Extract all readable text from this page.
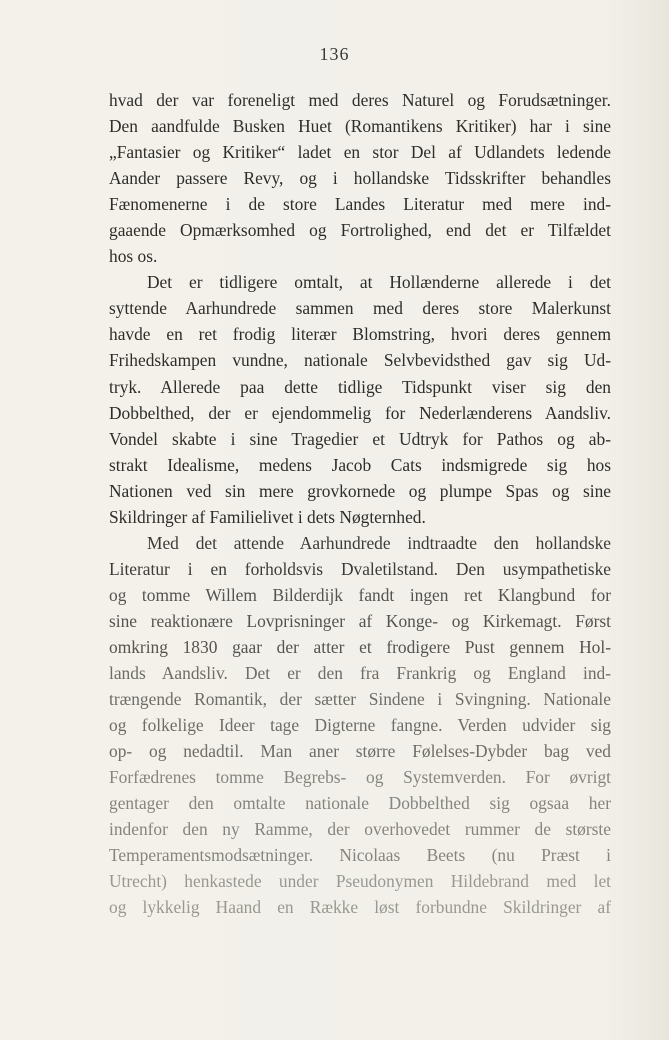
136
hvad der var foreneligt med deres Naturel og Forudsætninger.
Den aandfulde Busken Huet (Romantikens Kritiker) har i sine
„Fantasier og Kritiker“ ladet en stor Del af Udlandets ledende
Aander passere Revy, og i hollandske Tidsskrifter behandles
Fænomenerne i de store Landes Literatur med mere ind-
gaaende Opmærksomhed og Fortrolighed, end det er Tilfældet
hos os.
Det er tidligere omtalt, at Hollænderne allerede i det
syttende Aarhundrede sammen med deres store Malerkunst
havde en ret frodig literær Blomstring, hvori deres gennem
Frihedskampen vundne, nationale Selvbevidsthed gav sig Ud-
tryk. Allerede paa dette tidlige Tidspunkt viser sig den
Dobbelthed, der er ejendommelig for Nederlænderens Aandsliv.
Vondel skabte i sine Tragedier et Udtryk for Pathos og ab-
strakt Idealisme, medens Jacob Cats indsmigrede sig hos
Nationen ved sin mere grovkornede og plumpe Spas og sine
Skildringer af Familielivet i dets Nøgternhed.
Med det attende Aarhundrede indtraadte den hollandske
Literatur i en forholdsvis Dvaletilstand. Den usympathetiske
og tomme Willem Bilderdijk fandt ingen ret Klangbund for
sine reaktionære Lovprisninger af Konge- og Kirkemagt. Først
omkring 1830 gaar der atter et frodigere Pust gennem Hol-
lands Aandsliv. Det er den fra Frankrig og England ind-
trængende Romantik, der sætter Sindene i Svingning. Nationale
og folkelige Ideer tage Digterne fangne. Verden udvider sig
op- og nedadtil. Man aner større Følelses-Dybder bag ved
Forfædrenes tomme Begrebs- og Systemverden. For øvrigt
gentager den omtalte nationale Dobbelthed sig ogsaa her
indenfor den ny Ramme, der overhovedet rummer de største
Temperamentsmodsætninger. Nicolaas Beets (nu Præst i
Utrecht) henkastede under Pseudonymen Hildebrand med let
og lykkelig Haand en Række løst forbundne Skildringer af
